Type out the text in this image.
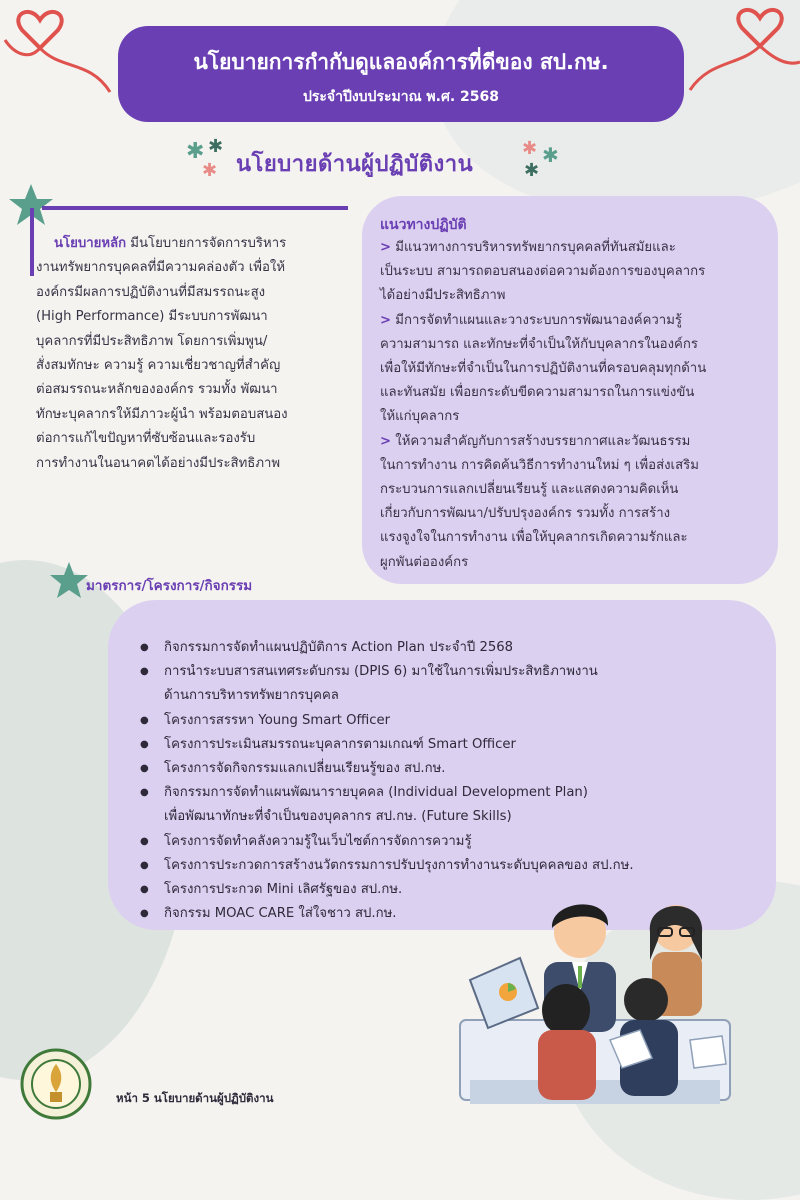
นโยบายการกำกับดูแลองค์การที่ดีของ สป.กษ.
ประจำปีงบประมาณ พ.ศ. 2568
✱ ✱
✱ นโยบายด้านผู้ปฏิบัติงาน
✱ ✱
✱
นโยบายหลัก มีนโยบายการจัดการบริหาร
งานทรัพยากรบุคคลที่มีความคล่องตัว เพื่อให้
องค์กรมีผลการปฏิบัติงานที่มีสมรรถนะสูง
(High Performance) มีระบบการพัฒนา
บุคลากรที่มีประสิทธิภาพ โดยการเพิ่มพูน/
สั่งสมทักษะ ความรู้ ความเชี่ยวชาญที่สำคัญ
ต่อสมรรถนะหลักขององค์กร รวมทั้ง พัฒนา
ทักษะบุคลากรให้มีภาวะผู้นำ พร้อมตอบสนอง
ต่อการแก้ไขปัญหาที่ซับซ้อนและรองรับ
การทำงานในอนาคตได้อย่างมีประสิทธิภาพ
แนวทางปฏิบัติ
> มีแนวทางการบริหารทรัพยากรบุคคลที่ทันสมัยและ
เป็นระบบ สามารถตอบสนองต่อความต้องการของบุคลากร
ได้อย่างมีประสิทธิภาพ
> มีการจัดทำแผนและวางระบบการพัฒนาองค์ความรู้
ความสามารถ และทักษะที่จำเป็นให้กับบุคลากรในองค์กร
เพื่อให้มีทักษะที่จำเป็นในการปฏิบัติงานที่ครอบคลุมทุกด้าน
และทันสมัย เพื่อยกระดับขีดความสามารถในการแข่งขัน
ให้แก่บุคลากร
> ให้ความสำคัญกับการสร้างบรรยากาศและวัฒนธรรม
ในการทำงาน การคิดค้นวิธีการทำงานใหม่ ๆ เพื่อส่งเสริม
กระบวนการแลกเปลี่ยนเรียนรู้ และแสดงความคิดเห็น
เกี่ยวกับการพัฒนา/ปรับปรุงองค์กร รวมทั้ง การสร้าง
แรงจูงใจในการทำงาน เพื่อให้บุคลากรเกิดความรักและ
ผูกพันต่อองค์กร
มาตรการ/โครงการ/กิจกรรม
● กิจกรรมการจัดทำแผนปฏิบัติการ Action Plan ประจำปี 2568
● การนำระบบสารสนเทศระดับกรม (DPIS 6) มาใช้ในการเพิ่มประสิทธิภาพงาน
ด้านการบริหารทรัพยากรบุคคล
● โครงการสรรหา Young Smart Officer
● โครงการประเมินสมรรถนะบุคลากรตามเกณฑ์ Smart Officer
● โครงการจัดกิจกรรมแลกเปลี่ยนเรียนรู้ของ สป.กษ.
● กิจกรรมการจัดทำแผนพัฒนารายบุคคล (Individual Development Plan)
เพื่อพัฒนาทักษะที่จำเป็นของบุคลากร สป.กษ. (Future Skills)
● โครงการจัดทำคลังความรู้ในเว็บไซต์การจัดการความรู้
● โครงการประกวดการสร้างนวัตกรรมการปรับปรุงการทำงานระดับบุคคลของ สป.กษ.
● โครงการประกวด Mini เลิศรัฐของ สป.กษ.
● กิจกรรม MOAC CARE ใส่ใจชาว สป.กษ.
หน้า 5 นโยบายด้านผู้ปฏิบัติงาน
